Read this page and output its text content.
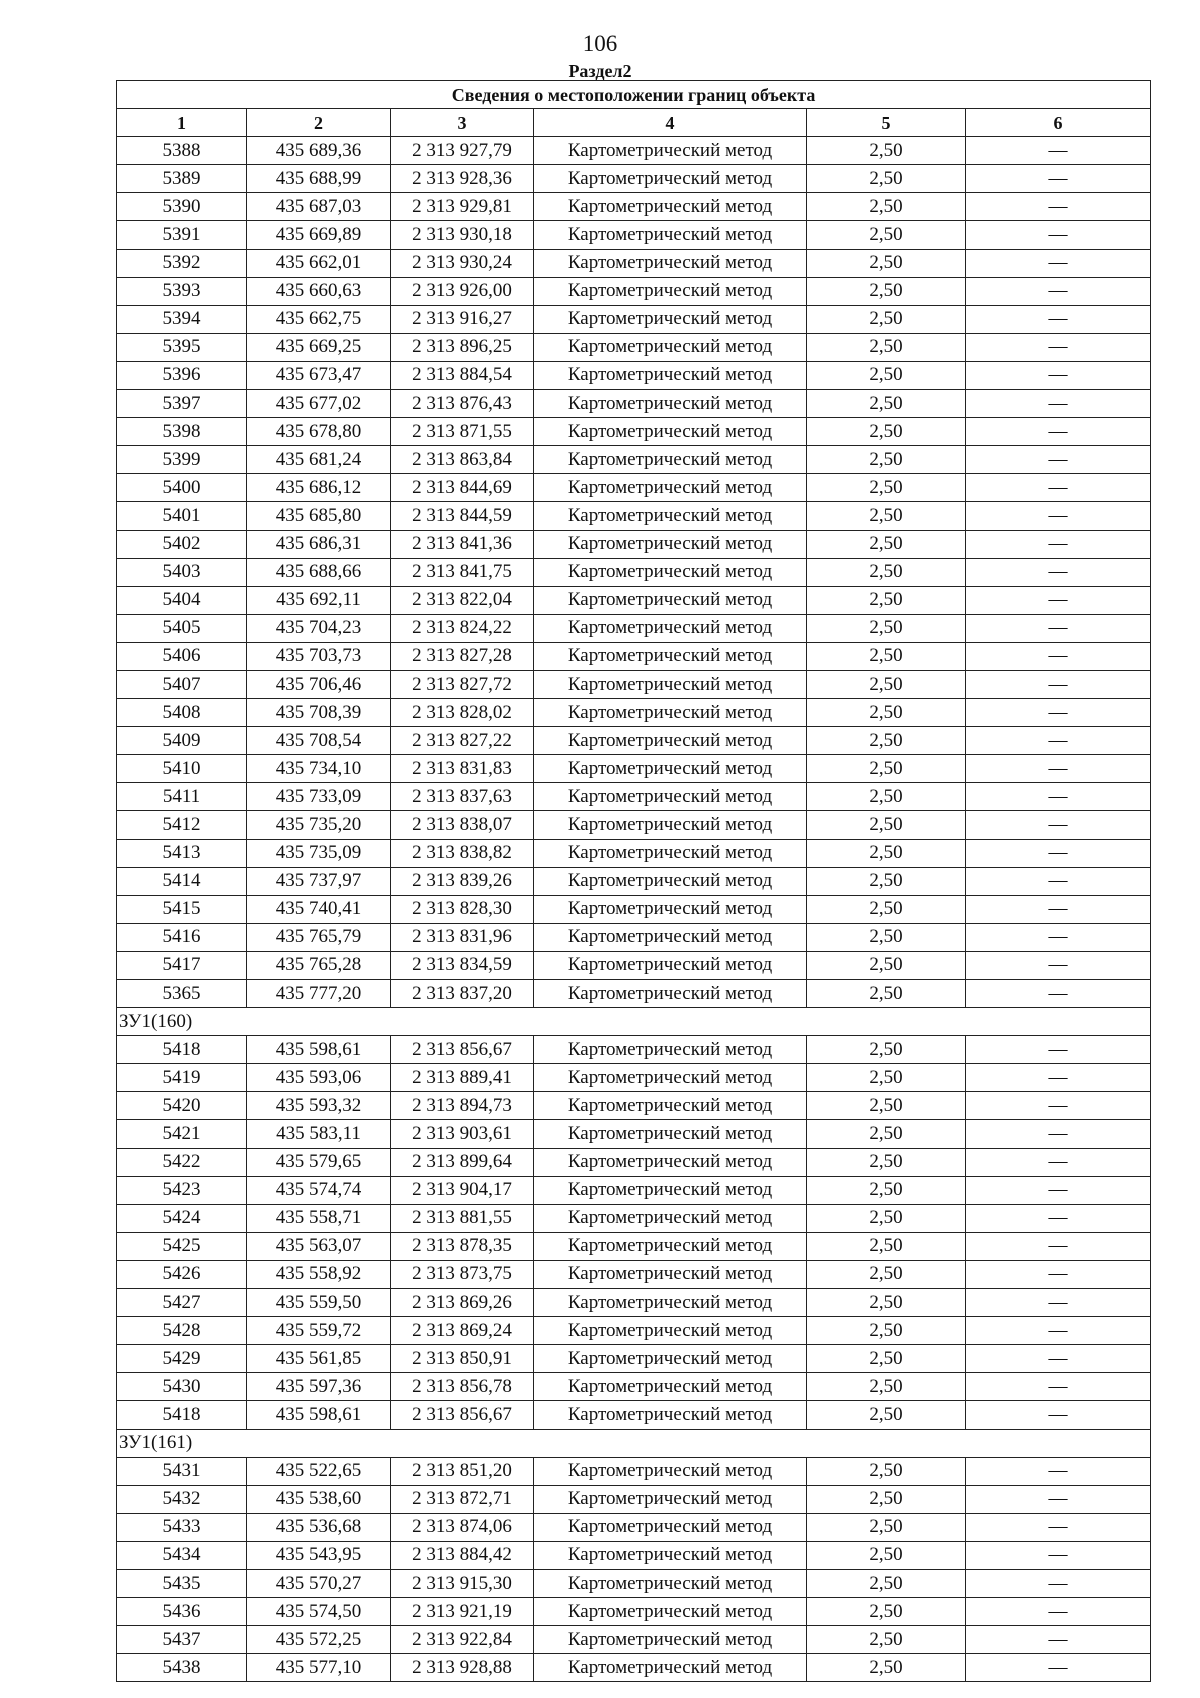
106
Раздел2
Сведения о местоположении границ объекта					
1	2	3	4	5	6
5388	435 689,36	2 313 927,79	Картометрический метод	2,50	—
5389	435 688,99	2 313 928,36	Картометрический метод	2,50	—
5390	435 687,03	2 313 929,81	Картометрический метод	2,50	—
5391	435 669,89	2 313 930,18	Картометрический метод	2,50	—
5392	435 662,01	2 313 930,24	Картометрический метод	2,50	—
5393	435 660,63	2 313 926,00	Картометрический метод	2,50	—
5394	435 662,75	2 313 916,27	Картометрический метод	2,50	—
5395	435 669,25	2 313 896,25	Картометрический метод	2,50	—
5396	435 673,47	2 313 884,54	Картометрический метод	2,50	—
5397	435 677,02	2 313 876,43	Картометрический метод	2,50	—
5398	435 678,80	2 313 871,55	Картометрический метод	2,50	—
5399	435 681,24	2 313 863,84	Картометрический метод	2,50	—
5400	435 686,12	2 313 844,69	Картометрический метод	2,50	—
5401	435 685,80	2 313 844,59	Картометрический метод	2,50	—
5402	435 686,31	2 313 841,36	Картометрический метод	2,50	—
5403	435 688,66	2 313 841,75	Картометрический метод	2,50	—
5404	435 692,11	2 313 822,04	Картометрический метод	2,50	—
5405	435 704,23	2 313 824,22	Картометрический метод	2,50	—
5406	435 703,73	2 313 827,28	Картометрический метод	2,50	—
5407	435 706,46	2 313 827,72	Картометрический метод	2,50	—
5408	435 708,39	2 313 828,02	Картометрический метод	2,50	—
5409	435 708,54	2 313 827,22	Картометрический метод	2,50	—
5410	435 734,10	2 313 831,83	Картометрический метод	2,50	—
5411	435 733,09	2 313 837,63	Картометрический метод	2,50	—
5412	435 735,20	2 313 838,07	Картометрический метод	2,50	—
5413	435 735,09	2 313 838,82	Картометрический метод	2,50	—
5414	435 737,97	2 313 839,26	Картометрический метод	2,50	—
5415	435 740,41	2 313 828,30	Картометрический метод	2,50	—
5416	435 765,79	2 313 831,96	Картометрический метод	2,50	—
5417	435 765,28	2 313 834,59	Картометрический метод	2,50	—
5365	435 777,20	2 313 837,20	Картометрический метод	2,50	—
ЗУ1(160)					
5418	435 598,61	2 313 856,67	Картометрический метод	2,50	—
5419	435 593,06	2 313 889,41	Картометрический метод	2,50	—
5420	435 593,32	2 313 894,73	Картометрический метод	2,50	—
5421	435 583,11	2 313 903,61	Картометрический метод	2,50	—
5422	435 579,65	2 313 899,64	Картометрический метод	2,50	—
5423	435 574,74	2 313 904,17	Картометрический метод	2,50	—
5424	435 558,71	2 313 881,55	Картометрический метод	2,50	—
5425	435 563,07	2 313 878,35	Картометрический метод	2,50	—
5426	435 558,92	2 313 873,75	Картометрический метод	2,50	—
5427	435 559,50	2 313 869,26	Картометрический метод	2,50	—
5428	435 559,72	2 313 869,24	Картометрический метод	2,50	—
5429	435 561,85	2 313 850,91	Картометрический метод	2,50	—
5430	435 597,36	2 313 856,78	Картометрический метод	2,50	—
5418	435 598,61	2 313 856,67	Картометрический метод	2,50	—
ЗУ1(161)					
5431	435 522,65	2 313 851,20	Картометрический метод	2,50	—
5432	435 538,60	2 313 872,71	Картометрический метод	2,50	—
5433	435 536,68	2 313 874,06	Картометрический метод	2,50	—
5434	435 543,95	2 313 884,42	Картометрический метод	2,50	—
5435	435 570,27	2 313 915,30	Картометрический метод	2,50	—
5436	435 574,50	2 313 921,19	Картометрический метод	2,50	—
5437	435 572,25	2 313 922,84	Картометрический метод	2,50	—
5438	435 577,10	2 313 928,88	Картометрический метод	2,50	—
